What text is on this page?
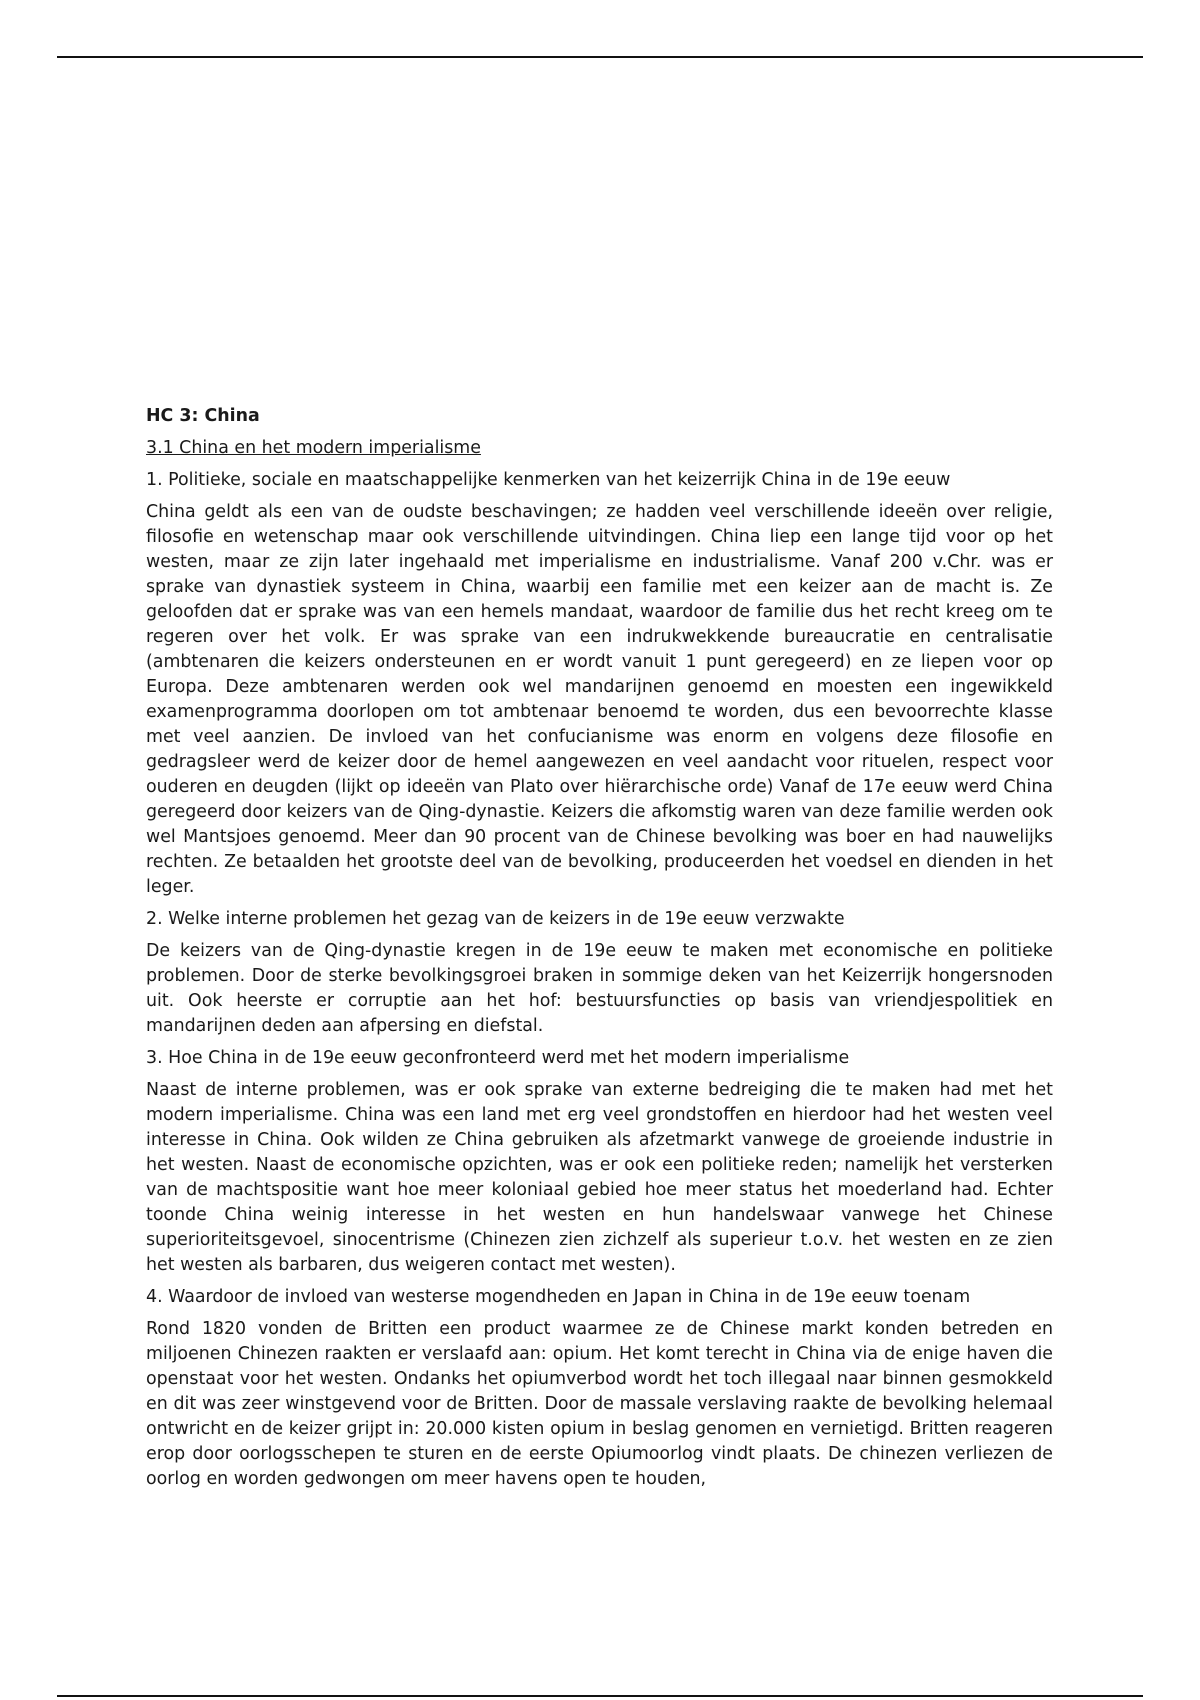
HC 3: China
3.1 China en het modern imperialisme
1. Politieke, sociale en maatschappelijke kenmerken van het keizerrijk China in de 19e eeuw
China geldt als een van de oudste beschavingen; ze hadden veel verschillende ideeën over religie, filosofie en wetenschap maar ook verschillende uitvindingen. China liep een lange tijd voor op het westen, maar ze zijn later ingehaald met imperialisme en industrialisme. Vanaf 200 v.Chr. was er sprake van dynastiek systeem in China, waarbij een familie met een keizer aan de macht is. Ze geloofden dat er sprake was van een hemels mandaat, waardoor de familie dus het recht kreeg om te regeren over het volk. Er was sprake van een indrukwekkende bureaucratie en centralisatie (ambtenaren die keizers ondersteunen en er wordt vanuit 1 punt geregeerd) en ze liepen voor op Europa. Deze ambtenaren werden ook wel mandarijnen genoemd en moesten een ingewikkeld examenprogramma doorlopen om tot ambtenaar benoemd te worden, dus een bevoorrechte klasse met veel aanzien. De invloed van het confucianisme was enorm en volgens deze filosofie en gedragsleer werd de keizer door de hemel aangewezen en veel aandacht voor rituelen, respect voor ouderen en deugden (lijkt op ideeën van Plato over hiërarchische orde) Vanaf de 17e eeuw werd China geregeerd door keizers van de Qing-dynastie. Keizers die afkomstig waren van deze familie werden ook wel Mantsjoes genoemd. Meer dan 90 procent van de Chinese bevolking was boer en had nauwelijks rechten. Ze betaalden het grootste deel van de bevolking, produceerden het voedsel en dienden in het leger.
2. Welke interne problemen het gezag van de keizers in de 19e eeuw verzwakte
De keizers van de Qing-dynastie kregen in de 19e eeuw te maken met economische en politieke problemen. Door de sterke bevolkingsgroei braken in sommige deken van het Keizerrijk hongersnoden uit. Ook heerste er corruptie aan het hof: bestuursfuncties op basis van vriendjespolitiek en mandarijnen deden aan afpersing en diefstal.
3. Hoe China in de 19e eeuw geconfronteerd werd met het modern imperialisme
Naast de interne problemen, was er ook sprake van externe bedreiging die te maken had met het modern imperialisme. China was een land met erg veel grondstoffen en hierdoor had het westen veel interesse in China. Ook wilden ze China gebruiken als afzetmarkt vanwege de groeiende industrie in het westen. Naast de economische opzichten, was er ook een politieke reden; namelijk het versterken van de machtspositie want hoe meer koloniaal gebied hoe meer status het moederland had. Echter toonde China weinig interesse in het westen en hun handelswaar vanwege het Chinese superioriteitsgevoel, sinocentrisme (Chinezen zien zichzelf als superieur t.o.v. het westen en ze zien het westen als barbaren, dus weigeren contact met westen).
4. Waardoor de invloed van westerse mogendheden en Japan in China in de 19e eeuw toenam
Rond 1820 vonden de Britten een product waarmee ze de Chinese markt konden betreden en miljoenen Chinezen raakten er verslaafd aan: opium. Het komt terecht in China via de enige haven die openstaat voor het westen. Ondanks het opiumverbod wordt het toch illegaal naar binnen gesmokkeld en dit was zeer winstgevend voor de Britten. Door de massale verslaving raakte de bevolking helemaal ontwricht en de keizer grijpt in: 20.000 kisten opium in beslag genomen en vernietigd. Britten reageren erop door oorlogsschepen te sturen en de eerste Opiumoorlog vindt plaats. De chinezen verliezen de oorlog en worden gedwongen om meer havens open te houden,
